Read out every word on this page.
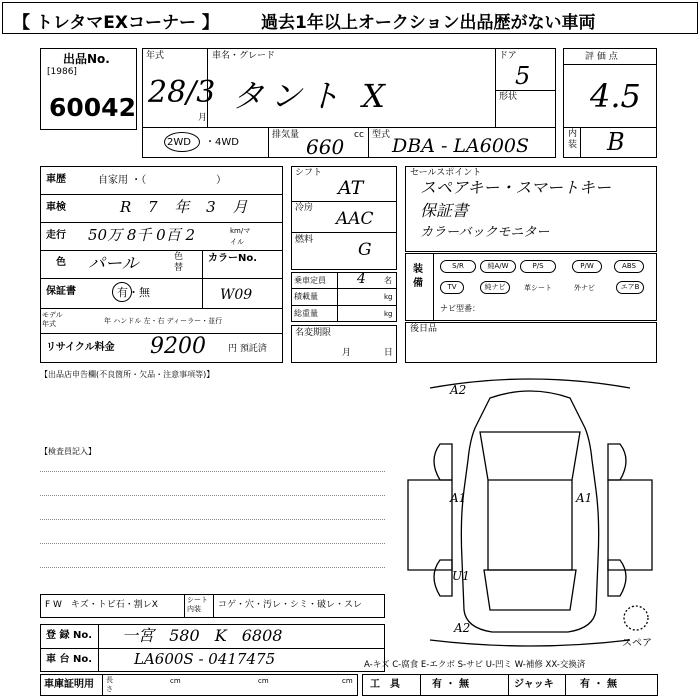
【 トレタマEXコーナー 】 過去1年以上オークション出品歴がない車両
出品No.
[1986]
60042
年式
28/3
月
車名・グレード
タント X
ドア
5
形状
2WD ・4WD
排気量	cc
660	型式 DBA - LA600S
評 価 点
4.5
内装 B
車歴	自家用 ・（　　　　　　　）
車検	R 7 年 3 月
走行 50万 8千 0百 2	km/マイル
色 パール	色替
カラーNo.
保証書	有・無	W09
モデル年式	年 ハンドル 左・右 ディーラー・並行
リサイクル料金 9200 円 預託済
シフト
AT
冷房
AAC
燃料	G
乗車定員 4 名
積載量	kg
総重量	kg
名変期限
月 日
セールスポイント
スペアキー・スマートキー
保証書
カラーバックモニター
装備
S/R	純A/W	P/S	P/W	ABS
TV	純ナビ	革シート	外ナビ	エアB
ナビ型番：
後日品
【出品店申告欄(不良箇所・欠品・注意事項等)】
【検査員記入】
A2
A1	A1
U1
A2
スペア
F W　キズ・トビ石・割レX	シート内装	コゲ・穴・汚レ・シミ・破レ・スレ
登 録 No. 一宮 580 K 6808
車 台 No.	LA600S - 0417475
車庫証明用 長さ
cm	cm	cm
A-キズ C-腐食 E-エクボ S-サビ U-凹ミ W-補修 XX-交換済
工　具	有 ・ 無	ジャッキ	有 ・ 無
